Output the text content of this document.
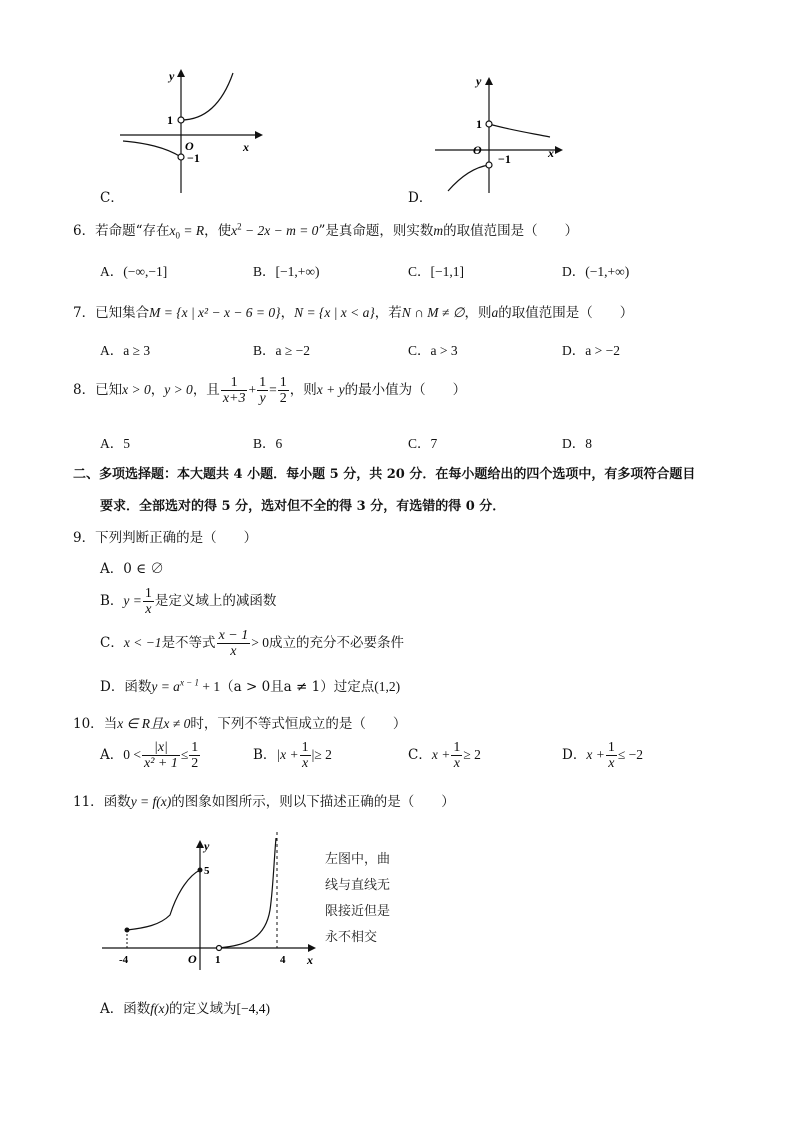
y
x
1
O
−1
C．
y
x
1
O
−1
D．
6．若命题“存在$x_0 = R$，使$x^2 - 2x - m = 0$”是真命题，则实数m的取值范围是（　　）
A．(−∞,−1]	B．[−1,+∞)	C．[−1,1]	D．(−1,+∞)
7．已知集合M = {x | x² − x − 6 = 0}，N = {x | x < a}，若N ∩ M ≠ ∅，则a的取值范围是（　　）
A．a ≥ 3	B．a ≥ −2	C．a > 3	D．a > −2
8．已知x > 0，y > 0，且 $\frac{1}{x+3} + \frac{1}{y} = \frac{1}{2}$ ，则x + y的最小值为（　　）
A．5	B．6	C．7	D．8
二、多项选择题：本大题共 4 小题．每小题 5 分，共 20 分．在每小题给出的四个选项中，有多项符合题目
要求．全部选对的得 5 分，选对但不全的得 3 分，有选错的得 0 分．
9．下列判断正确的是（　　）
A．0 ∈ ∅
B．$y = \frac{1}{x}$ 是定义域上的减函数
C．x < −1是不等式 $\frac{x - 1}{x} > 0$成立的充分不必要条件
D．函数$y = a^{x - 1} + 1(a > 0$且a ≠ 1）过定点(1,2)
10．当x ∈ R且x ≠ 0时，下列不等式恒成立的是（　　）
A．$0 < \frac{|x|}{\text{x² + 1}} \le \frac{1}{2}$	B．$|x + \frac{1}{x}$ |≥ 2	C．$x + \frac{1}{x} \ge 2$	D．$x + \frac{1}{x} \le -2$
11．函数y = f(x)的图象如图所示，则以下描述正确的是（　　）
y
x
O
-4	1	4
5
左图中，曲
线与直线无
限接近但是
永不相交
A．函数f(x)的定义域为[−4,4)
